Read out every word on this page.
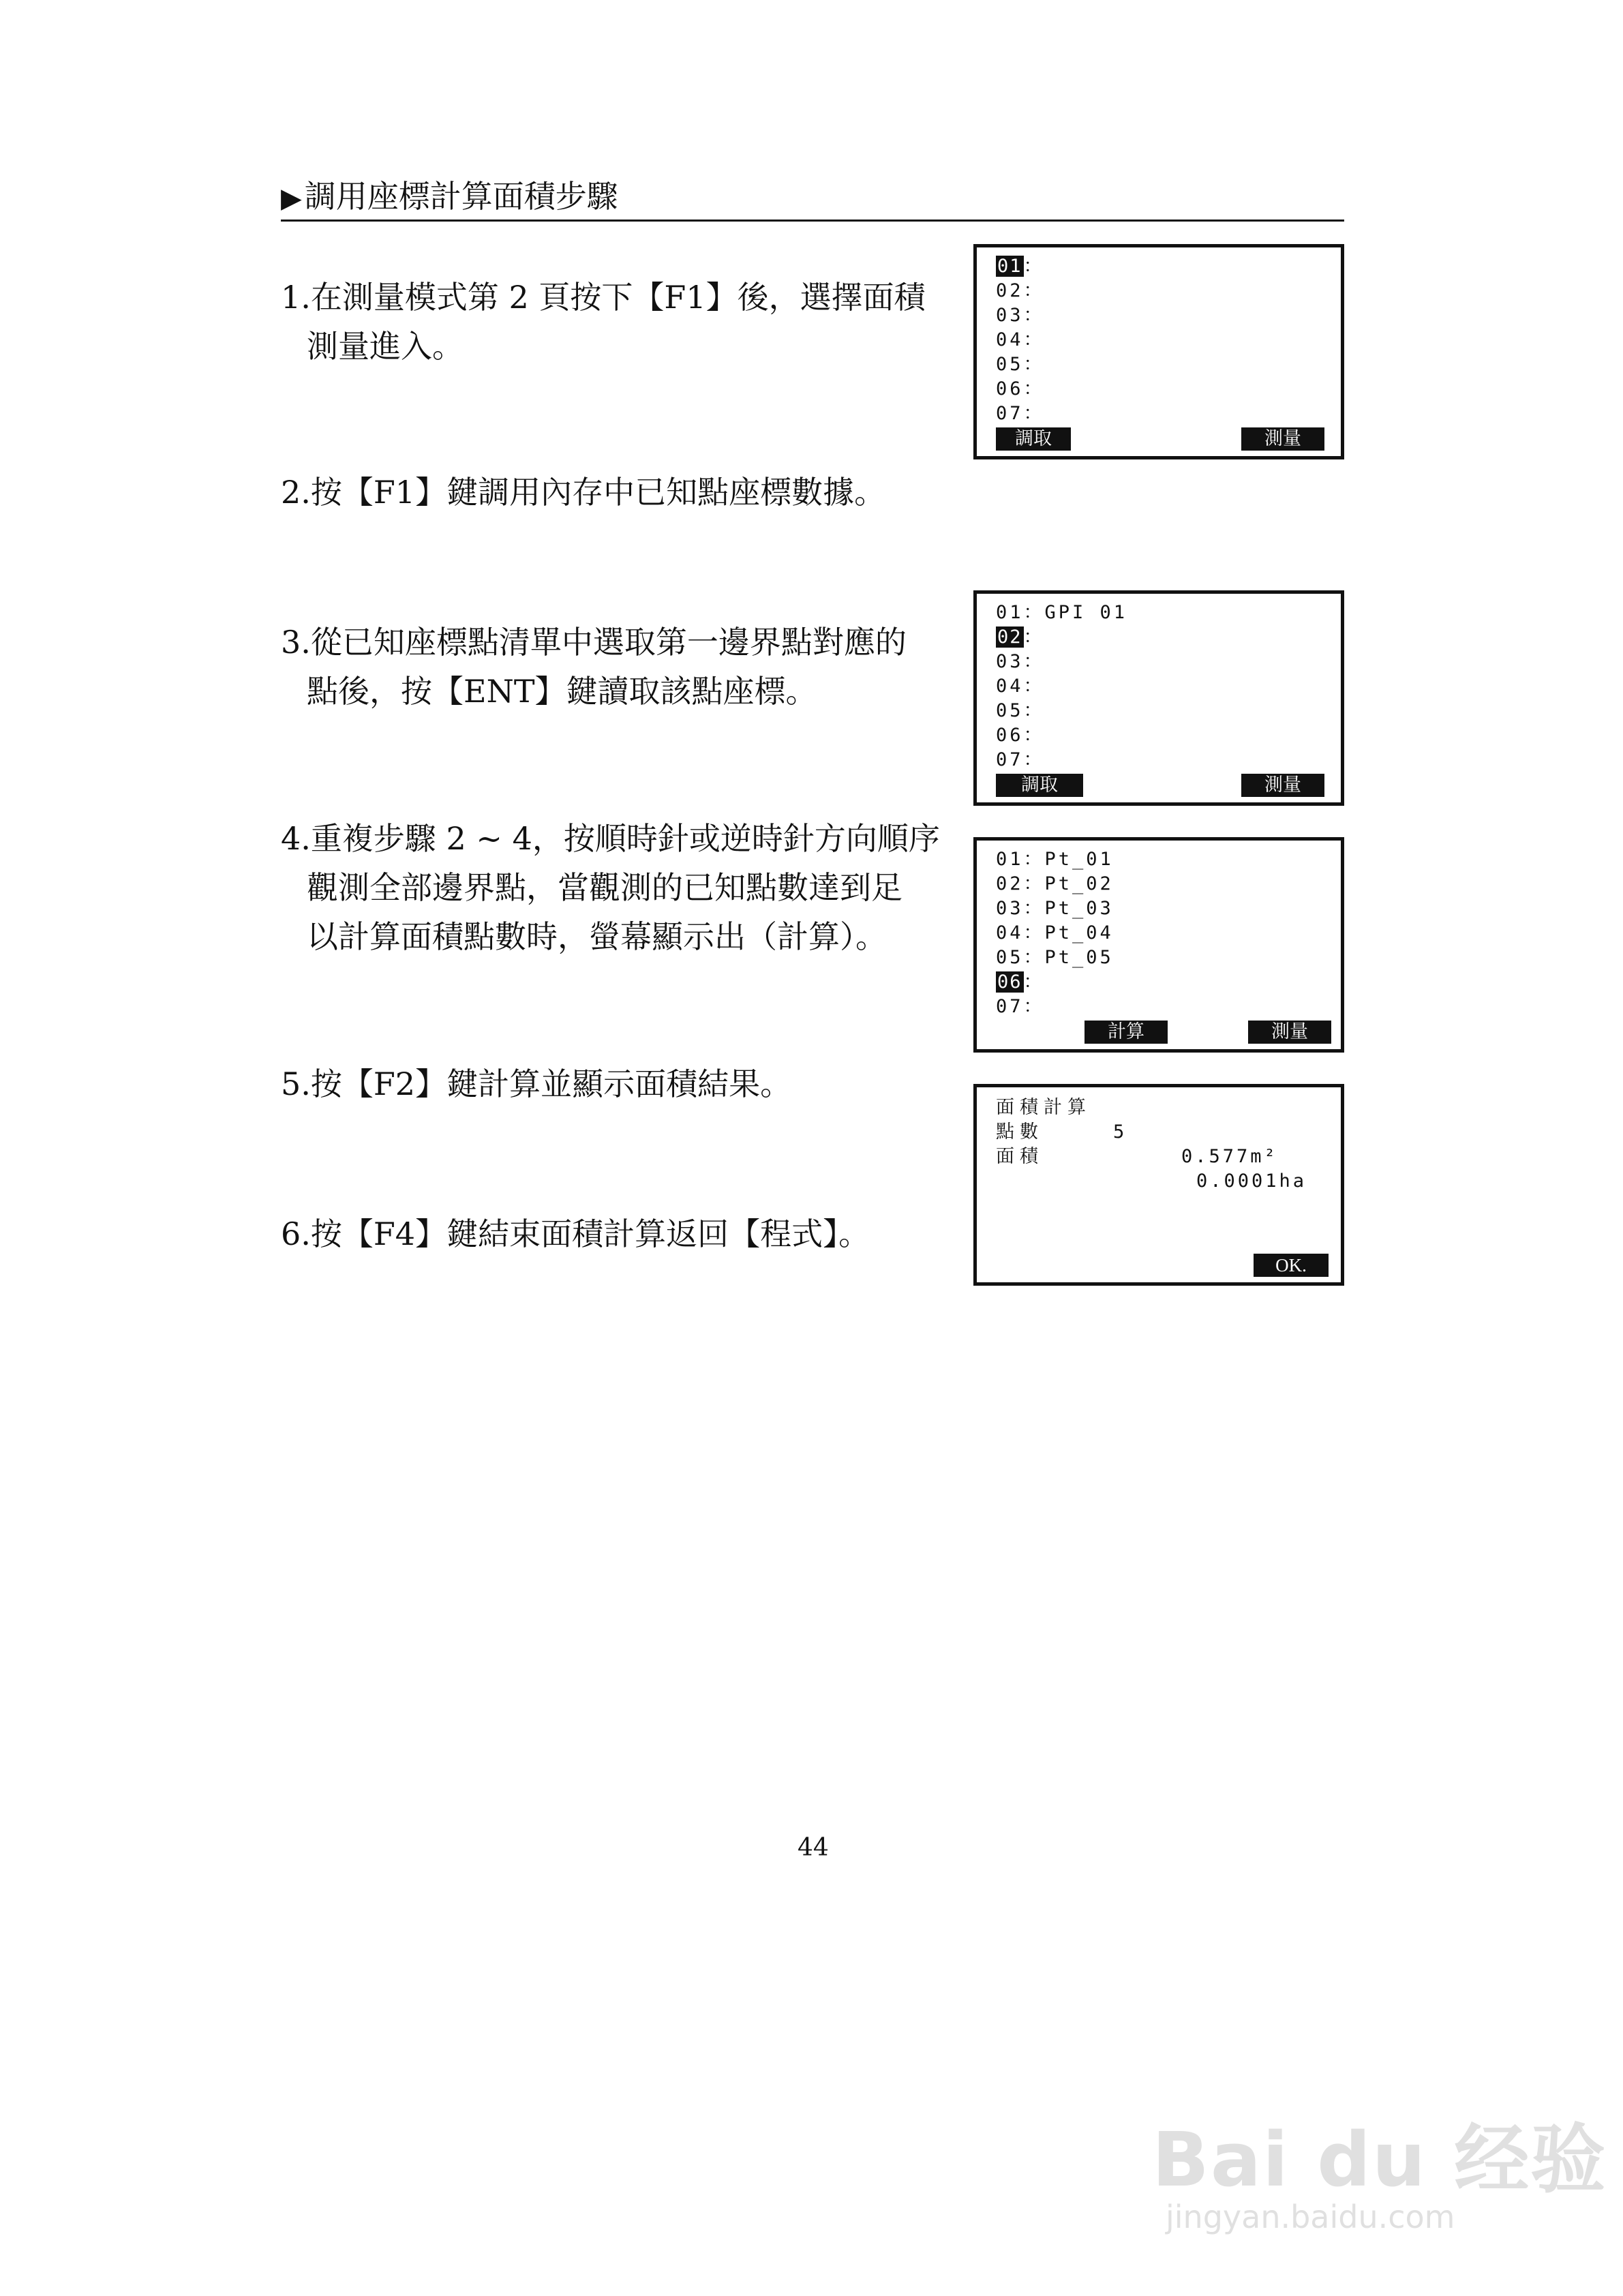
▶調用座標計算面積步驟
1.在測量模式第 2 頁按下【F1】後，選擇面積
測量進入。
2.按【F1】鍵調用內存中已知點座標數據。
3.從已知座標點清單中選取第一邊界點對應的
點後，按【ENT】鍵讀取該點座標。
4.重複步驟 2 ~ 4，按順時針或逆時針方向順序
觀測全部邊界點，當觀測的已知點數達到足
以計算面積點數時，螢幕顯示出（計算）。
5.按【F2】鍵計算並顯示面積結果。
6.按【F4】鍵結束面積計算返回【程式】。
01：
02：
03：
04：
05：
06：
07：
調取	測量
01：GPI 01
02：
03：
04：
05：
06：
07：
調取	測量
01：Pt_01
02：Pt_02
03：Pt_03
04：Pt_04
05：Pt_05
06：
07：
計算	測量
面積計算
點數	5
面積	0.577m²
0.0001ha
OK.
44
Bai du 经验
jingyan.baidu.com
